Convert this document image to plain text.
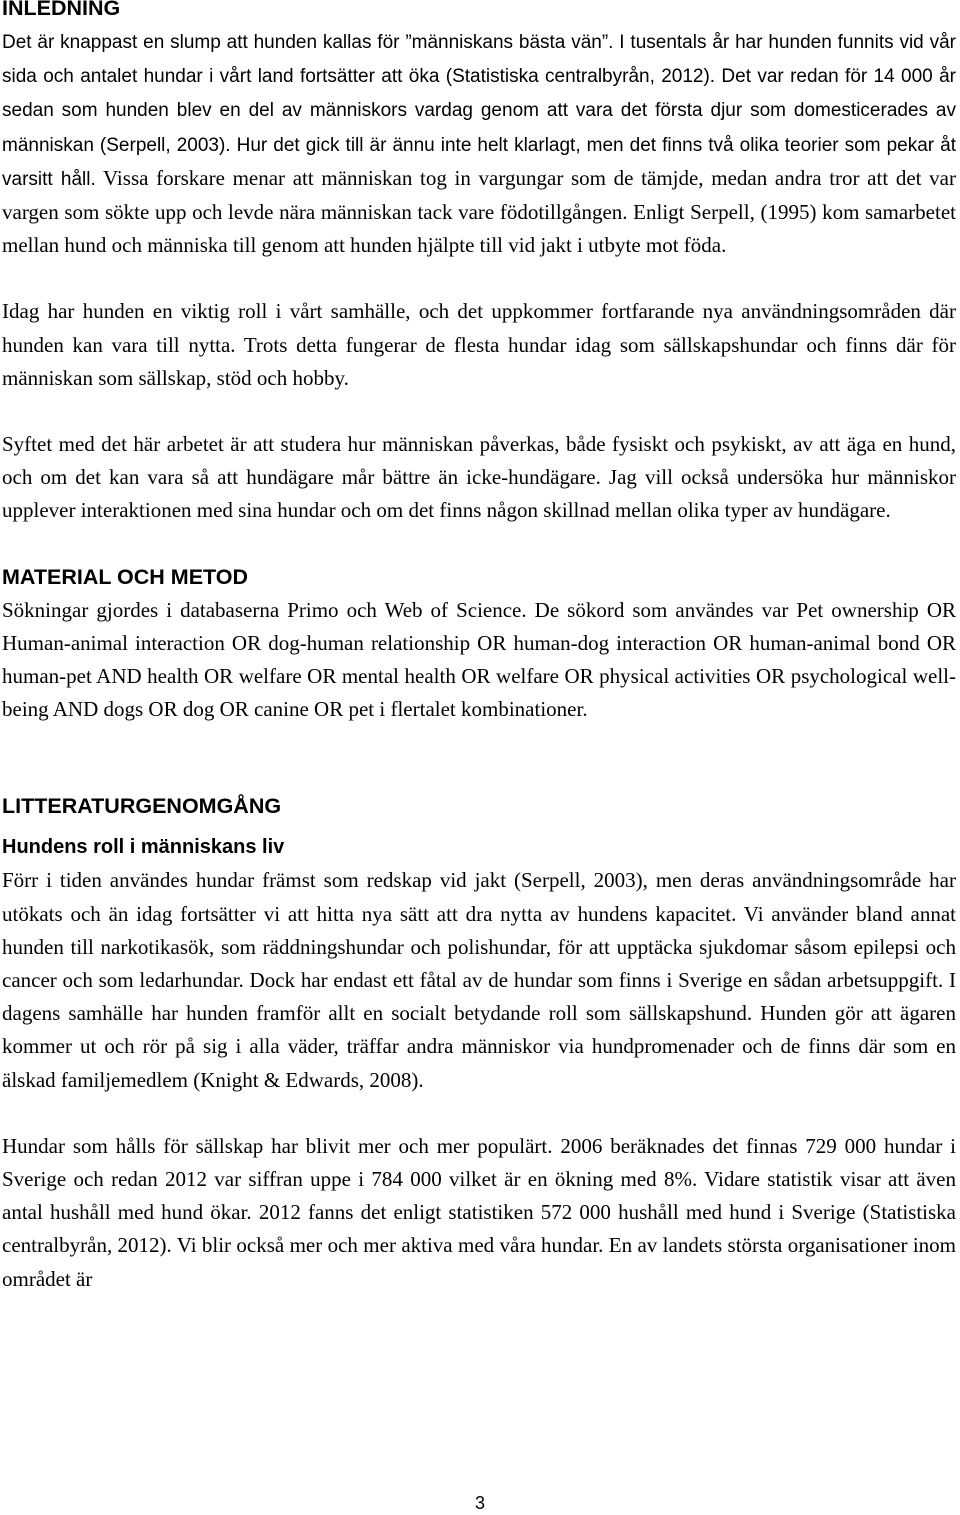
INLEDNING

Det är knappast en slump att hunden kallas för ”människans bästa vän”. I tusentals år har hunden funnits vid vår sida och antalet hundar i vårt land fortsätter att öka (Statistiska centralbyrån, 2012). Det var redan för 14 000 år sedan som hunden blev en del av människors vardag genom att vara det första djur som domesticerades av människan (Serpell, 2003). Hur det gick till är ännu inte helt klarlagt, men det finns två olika teorier som pekar åt varsitt håll. Vissa forskare menar att människan tog in vargungar som de tämjde, medan andra tror att det var vargen som sökte upp och levde nära människan tack vare födotillgången. Enligt Serpell, (1995) kom samarbetet mellan hund och människa till genom att hunden hjälpte till vid jakt i utbyte mot föda.

Idag har hunden en viktig roll i vårt samhälle, och det uppkommer fortfarande nya användningsområden där hunden kan vara till nytta. Trots detta fungerar de flesta hundar idag som sällskapshundar och finns där för människan som sällskap, stöd och hobby.

Syftet med det här arbetet är att studera hur människan påverkas, både fysiskt och psykiskt, av att äga en hund, och om det kan vara så att hundägare mår bättre än icke-hundägare. Jag vill också undersöka hur människor upplever interaktionen med sina hundar och om det finns någon skillnad mellan olika typer av hundägare.

MATERIAL OCH METOD

Sökningar gjordes i databaserna Primo och Web of Science. De sökord som användes var Pet ownership OR Human-animal interaction OR dog-human relationship OR human-dog interaction OR human-animal bond OR human-pet AND health OR welfare OR mental health OR welfare OR physical activities OR psychological well-being AND dogs OR dog OR canine OR pet i flertalet kombinationer.

LITTERATURGENOMGÅNG
Hundens roll i människans liv

Förr i tiden användes hundar främst som redskap vid jakt (Serpell, 2003), men deras användningsområde har utökats och än idag fortsätter vi att hitta nya sätt att dra nytta av hundens kapacitet. Vi använder bland annat hunden till narkotikasök, som räddningshundar och polishundar, för att upptäcka sjukdomar såsom epilepsi och cancer och som ledarhundar. Dock har endast ett fåtal av de hundar som finns i Sverige en sådan arbetsuppgift. I dagens samhälle har hunden framför allt en socialt betydande roll som sällskapshund. Hunden gör att ägaren kommer ut och rör på sig i alla väder, träffar andra människor via hundpromenader och de finns där som en älskad familjemedlem (Knight & Edwards, 2008).

Hundar som hålls för sällskap har blivit mer och mer populärt. 2006 beräknades det finnas 729 000 hundar i Sverige och redan 2012 var siffran uppe i 784 000 vilket är en ökning med 8%. Vidare statistik visar att även antal hushåll med hund ökar. 2012 fanns det enligt statistiken 572 000 hushåll med hund i Sverige (Statistiska centralbyrån, 2012). Vi blir också mer och mer aktiva med våra hundar. En av landets största organisationer inom området är

3
